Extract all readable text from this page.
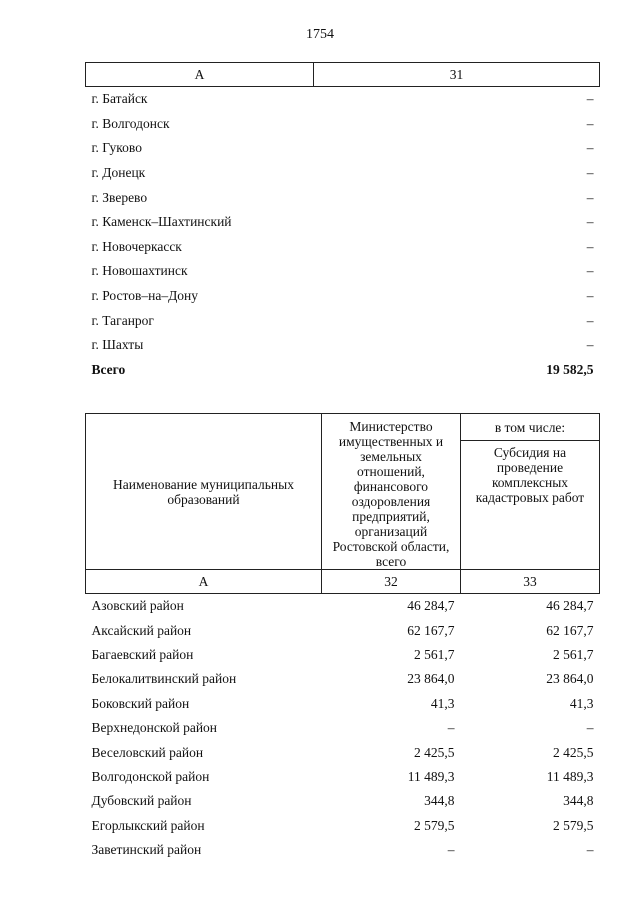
1754
А	31
г. Батайск	–
г. Волгодонск	–
г. Гуково	–
г. Донецк	–
г. Зверево	–
г. Каменск–Шахтинский	–
г. Новочеркасск	–
г. Новошахтинск	–
г. Ростов–на–Дону	–
г. Таганрог	–
г. Шахты	–
Всего	19 582,5
Наименование муниципальных образований	Министерство имущественных и земельных отношений, финансового оздоровления предприятий, организаций Ростовской области, всего	в том числе:

		Субсидия на проведение комплексных кадастровых работ

А	32	33
Азовский район	46 284,7	46 284,7
Аксайский район	62 167,7	62 167,7
Багаевский район	2 561,7	2 561,7
Белокалитвинский район	23 864,0	23 864,0
Боковский район	41,3	41,3
Верхнедонской район	–	–
Веселовский район	2 425,5	2 425,5
Волгодонской район	11 489,3	11 489,3
Дубовский район	344,8	344,8
Егорлыкский район	2 579,5	2 579,5
Заветинский район	–	–
